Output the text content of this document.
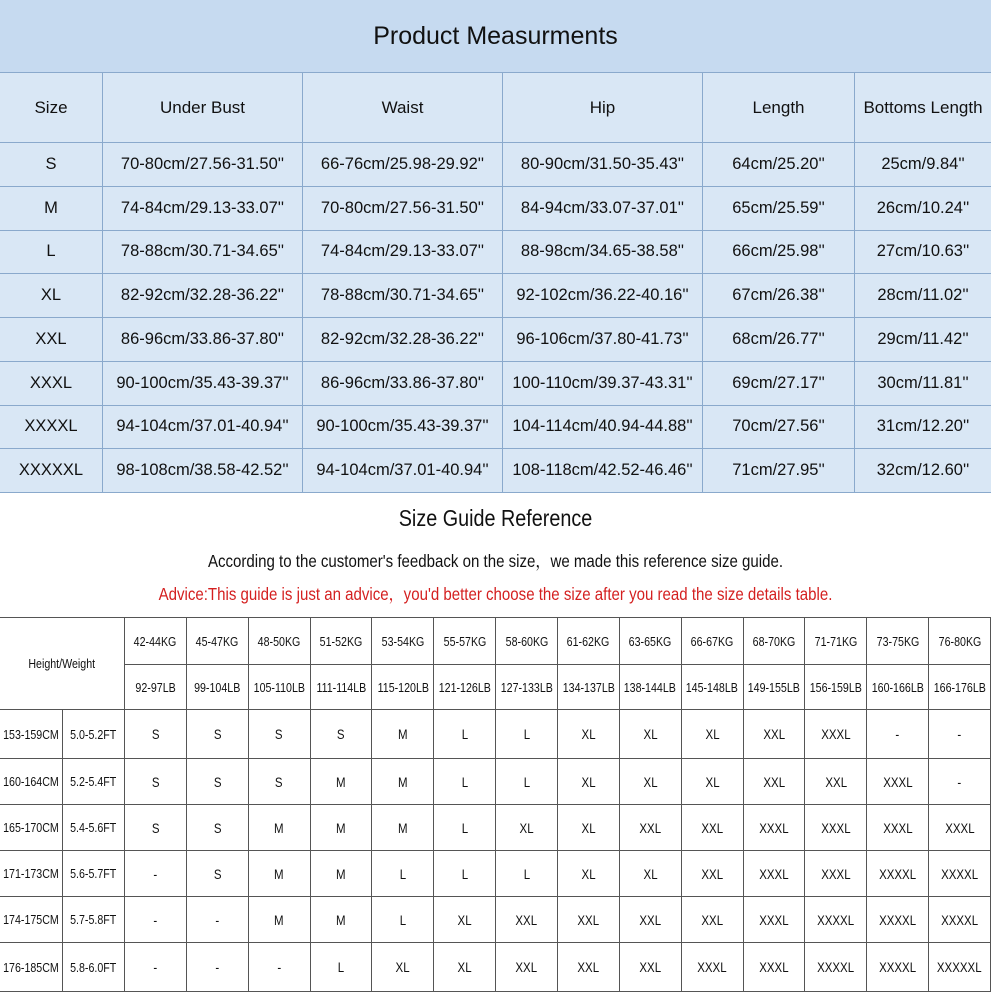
Product Measurments
Size	Under Bust	Waist	Hip	Length	Bottoms Length
S	70-80cm/27.56-31.50''	66-76cm/25.98-29.92''	80-90cm/31.50-35.43''	64cm/25.20''	25cm/9.84''
M	74-84cm/29.13-33.07''	70-80cm/27.56-31.50''	84-94cm/33.07-37.01''	65cm/25.59''	26cm/10.24''
L	78-88cm/30.71-34.65''	74-84cm/29.13-33.07''	88-98cm/34.65-38.58''	66cm/25.98''	27cm/10.63''
XL	82-92cm/32.28-36.22''	78-88cm/30.71-34.65''	92-102cm/36.22-40.16''	67cm/26.38''	28cm/11.02''
XXL	86-96cm/33.86-37.80''	82-92cm/32.28-36.22''	96-106cm/37.80-41.73''	68cm/26.77''	29cm/11.42''
XXXL	90-100cm/35.43-39.37''	86-96cm/33.86-37.80''	100-110cm/39.37-43.31''	69cm/27.17''	30cm/11.81''
XXXXL	94-104cm/37.01-40.94''	90-100cm/35.43-39.37''	104-114cm/40.94-44.88''	70cm/27.56''	31cm/12.20''
XXXXXL	98-108cm/38.58-42.52''	94-104cm/37.01-40.94''	108-118cm/42.52-46.46''	71cm/27.95''	32cm/12.60''
Size Guide Reference
According to the customer's feedback on the size，we made this reference size guide.
Advice:This guide is just an advice，you'd better choose the size after you read the size details table.
Height/Weight
42-44KG 45-47KG 48-50KG 51-52KG 53-54KG 55-57KG 58-60KG 61-62KG 63-65KG 66-67KG 68-70KG 71-71KG 73-75KG 76-80KG
92-97LB 99-104LB 105-110LB 111-114LB 115-120LB 121-126LB 127-133LB 134-137LB 138-144LB 145-148LB 149-155LB 156-159LB 160-166LB 166-176LB
153-159CM 5.0-5.2FT S	S	S	S	M	L	L	XL	XL	XL	XXL	XXXL	-	-
160-164CM 5.2-5.4FT S	S	S	M	M	L	L	XL	XL	XL	XXL	XXL	XXXL	-
165-170CM 5.4-5.6FT S	S	M	M	M	L	XL	XL	XXL	XXL	XXXL XXXL XXXL XXXL
171-173CM 5.6-5.7FT	-	S	M	M	L	L	L	XL	XL	XXL	XXXL XXXL XXXXL XXXXL
174-175CM 5.7-5.8FT	-	-	M	M	L	XL	XXL	XXL	XXL	XXL	XXXL XXXXL XXXXL XXXXL
176-185CM 5.8-6.0FT	-	-	-	L	XL	XL	XXL	XXL	XXL	XXXL XXXL XXXXL XXXXL XXXXXL
